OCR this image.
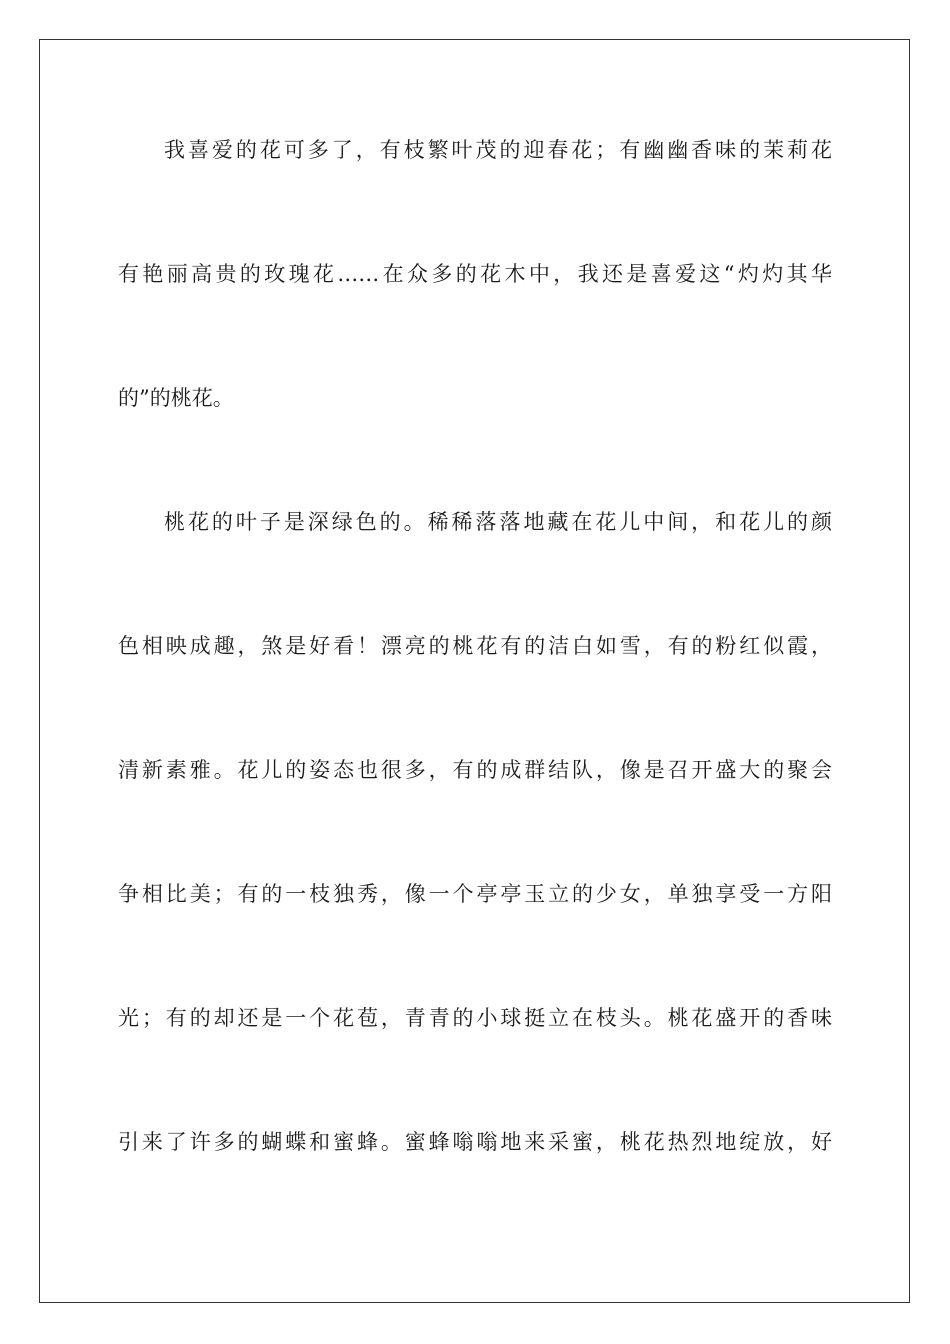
我喜爱的花可多了，有枝繁叶茂的迎春花；有幽幽香味的茉莉花
有艳丽高贵的玫瑰花……在众多的花木中，我还是喜爱这“灼灼其华
的”的桃花。
桃花的叶子是深绿色的。稀稀落落地藏在花儿中间，和花儿的颜
色相映成趣，煞是好看！漂亮的桃花有的洁白如雪，有的粉红似霞，
清新素雅。花儿的姿态也很多，有的成群结队，像是召开盛大的聚会
争相比美；有的一枝独秀，像一个亭亭玉立的少女，单独享受一方阳
光；有的却还是一个花苞，青青的小球挺立在枝头。桃花盛开的香味
引来了许多的蝴蝶和蜜蜂。蜜蜂嗡嗡地来采蜜，桃花热烈地绽放，好
